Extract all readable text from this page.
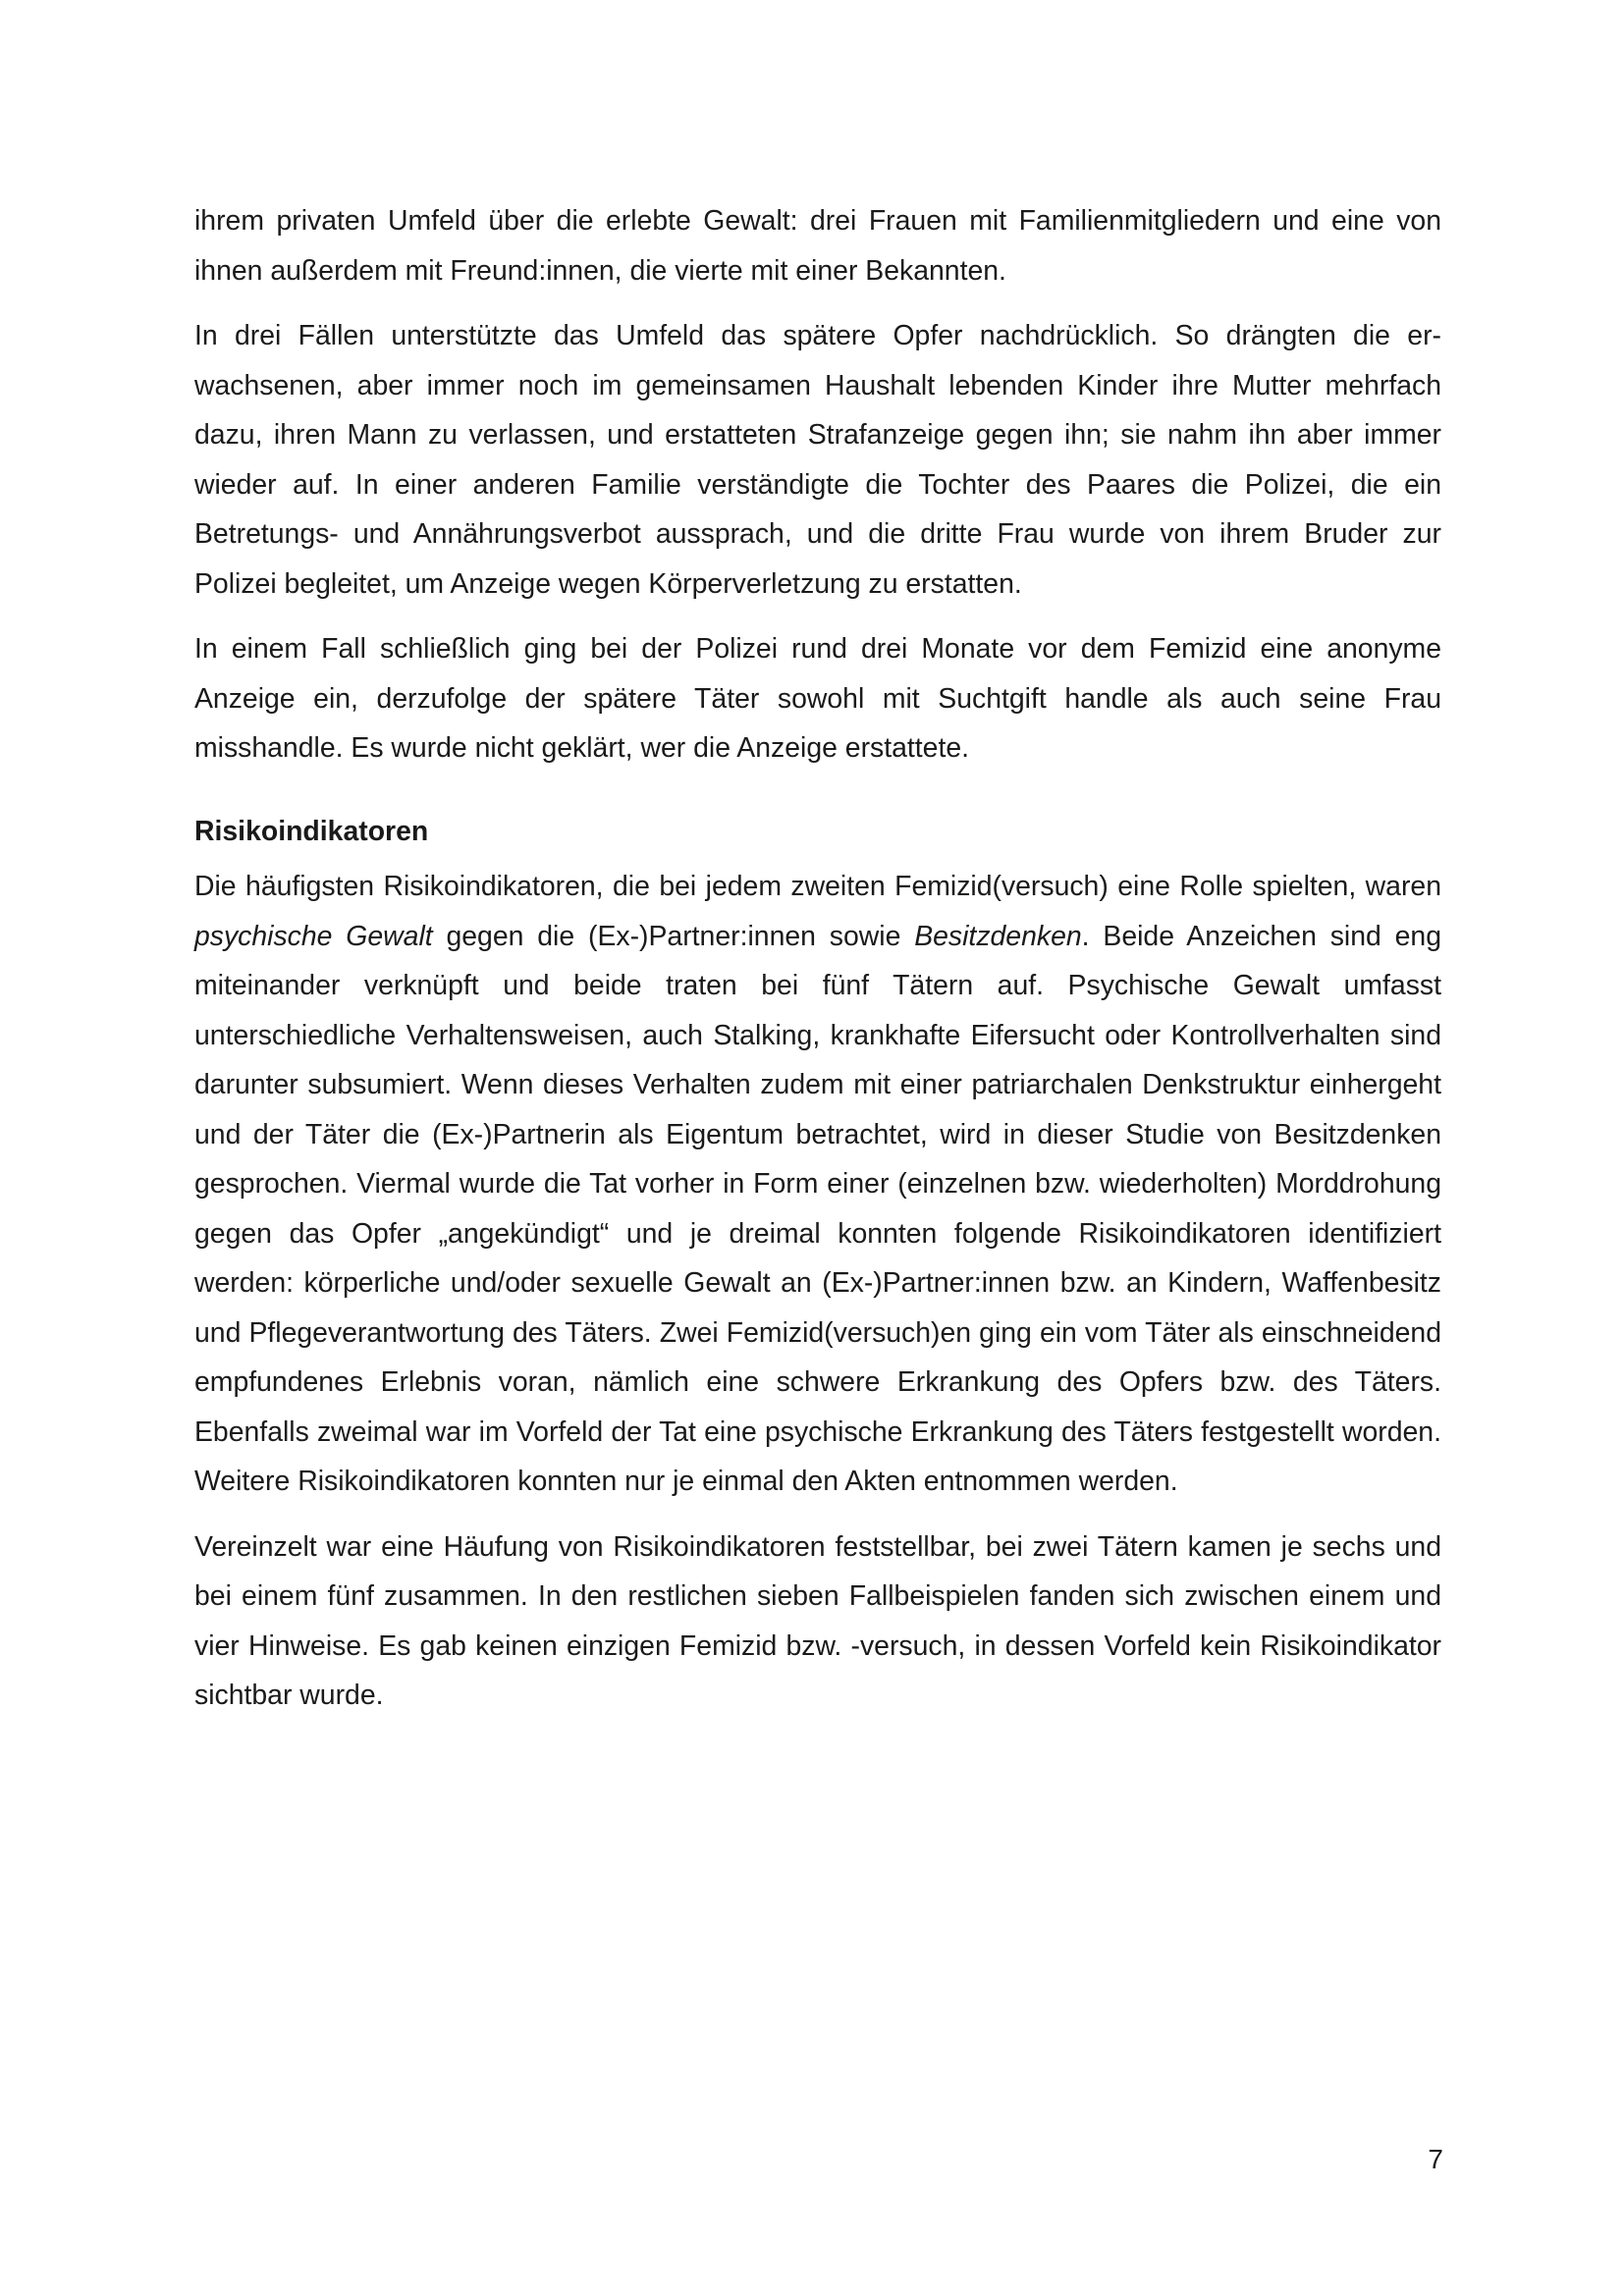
ihrem privaten Umfeld über die erlebte Gewalt: drei Frauen mit Familienmitgliedern und eine von ihnen außerdem mit Freund:innen, die vierte mit einer Bekannten.

In drei Fällen unterstützte das Umfeld das spätere Opfer nachdrücklich. So drängten die erwachsenen, aber immer noch im gemeinsamen Haushalt lebenden Kinder ihre Mutter mehrfach dazu, ihren Mann zu verlassen, und erstatteten Strafanzeige gegen ihn; sie nahm ihn aber immer wieder auf. In einer anderen Familie verständigte die Tochter des Paares die Polizei, die ein Betretungs- und Annährungsverbot aussprach, und die dritte Frau wurde von ihrem Bruder zur Polizei begleitet, um Anzeige wegen Körperverletzung zu erstatten.

In einem Fall schließlich ging bei der Polizei rund drei Monate vor dem Femizid eine anonyme Anzeige ein, derzufolge der spätere Täter sowohl mit Suchtgift handle als auch seine Frau misshandle. Es wurde nicht geklärt, wer die Anzeige erstattete.

Risikoindikatoren

Die häufigsten Risikoindikatoren, die bei jedem zweiten Femizid(versuch) eine Rolle spielten, waren psychische Gewalt gegen die (Ex-)Partner:innen sowie Besitzdenken. Beide Anzeichen sind eng miteinander verknüpft und beide traten bei fünf Tätern auf. Psychische Gewalt umfasst unterschiedliche Verhaltensweisen, auch Stalking, krankhafte Eifersucht oder Kontrollverhalten sind darunter subsumiert. Wenn dieses Verhalten zudem mit einer patriarchalen Denkstruktur einhergeht und der Täter die (Ex-)Partnerin als Eigentum betrachtet, wird in dieser Studie von Besitzdenken gesprochen. Viermal wurde die Tat vorher in Form einer (einzelnen bzw. wiederholten) Morddrohung gegen das Opfer „angekündigt“ und je dreimal konnten folgende Risikoindikatoren identifiziert werden: körperliche und/oder sexuelle Gewalt an (Ex-)Partner:innen bzw. an Kindern, Waffenbesitz und Pflegeverantwortung des Täters. Zwei Femizid(versuch)en ging ein vom Täter als einschneidend empfundenes Erlebnis voran, nämlich eine schwere Erkrankung des Opfers bzw. des Täters. Ebenfalls zweimal war im Vorfeld der Tat eine psychische Erkrankung des Täters festgestellt worden. Weitere Risikoindikatoren konnten nur je einmal den Akten entnommen werden.

Vereinzelt war eine Häufung von Risikoindikatoren feststellbar, bei zwei Tätern kamen je sechs und bei einem fünf zusammen. In den restlichen sieben Fallbeispielen fanden sich zwischen einem und vier Hinweise. Es gab keinen einzigen Femizid bzw. -versuch, in dessen Vorfeld kein Risikoindikator sichtbar wurde.

7
